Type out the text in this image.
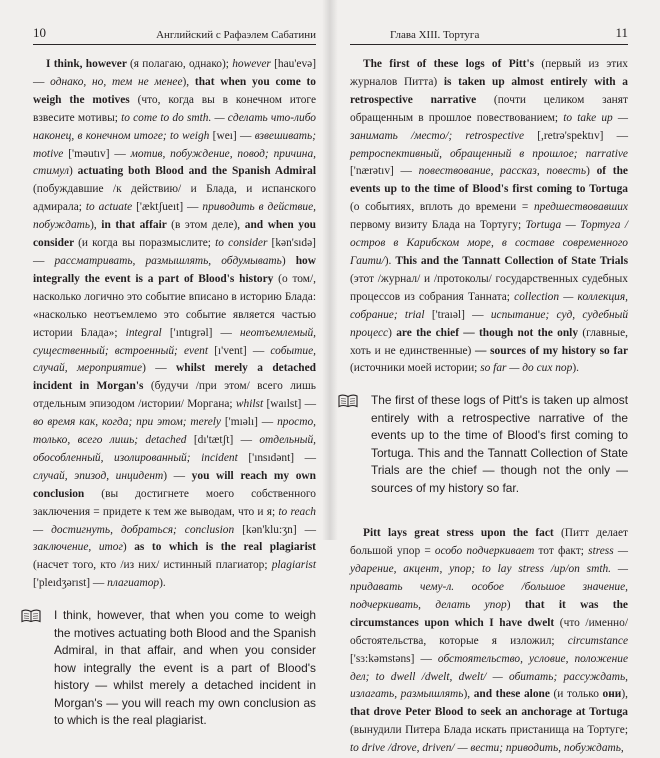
10	Английский с Рафаэлем Сабатини

I think, however (я полагаю, однако); however [hau'evə] — однако, но, тем не менее), that when you come to weigh the motives (что, когда вы в конечном итоге взвесите мотивы; to come to do smth. — сделать что-либо наконец, в конечном итоге; to weigh [weı] — взвешивать; motive ['məutıv] — мотив, побуждение, повод; причина, стимул) actuating both Blood and the Spanish Admiral (побуждавшие /к действию/ и Блада, и испанского адмирала; to actuate ['æktʃueıt] — приводить в действие, побуждать), in that affair (в этом деле), and when you consider (и когда вы поразмыслите; to consider [kən'sıdə] — рассматривать, размышлять, обдумывать) how integrally the event is a part of Blood's history (о том/, насколько логично это событие вписано в историю Блада: «насколько неотъемлемо это событие является частью истории Блада»; integral ['ıntıgrəl] — неотъемлемый, существенный; встроенный; event [ı'vent] — событие, случай, мероприятие) — whilst merely a detached incident in Morgan's (будучи /при этом/ всего лишь отдельным эпизодом /истории/ Моргана; whilst [waılst] — во время как, когда; при этом; merely ['mıəlı] — просто, только, всего лишь; detached [dı'tætʃt] — отдельный, обособленный, изолированный; incident ['ınsıdənt] — случай, эпизод, инцидент) — you will reach my own conclusion (вы достигнете моего собственного заключения = придете к тем же выводам, что и я; to reach — достигнуть, добраться; conclusion [kən'klu:ʒn] — заключение, итог) as to which is the real plagiarist (насчет того, кто /из них/ истинный плагиатор; plagiarist ['pleıdʒərıst] — плагиатор).

I think, however, that when you come to weigh the motives actuating both Blood and the Spanish Admiral, in that affair, and when you consider how integrally the event is a part of Blood's history — whilst merely a detached incident in Morgan's — you will reach my own conclusion as to which is the real plagiarist.
Глава XIII. Тортуга	11

The first of these logs of Pitt's (первый из этих журналов Питта) is taken up almost entirely with a retrospective narrative (почти целиком занят обращенным в прошлое повествованием; to take up — занимать /место/; retrospective [,retrə'spektıv] — ретроспективный, обращенный в прошлое; narrative ['nærətıv] — повествование, рассказ, повесть) of the events up to the time of Blood's first coming to Tortuga (о событиях, вплоть до времени = предшествовавших первому визиту Блада на Тортугу; Tortuga — Тортуга /остров в Карибском море, в составе современного Гаити/). This and the Tannatt Collection of State Trials (этот /журнал/ и /протоколы/ государственных судебных процессов из собрания Танната; collection — коллекция, собрание; trial ['traıəl] — испытание; суд, судебный процесс) are the chief — though not the only (главные, хоть и не единственные) — sources of my history so far (источники моей истории; so far — до сих пор).

The first of these logs of Pitt's is taken up almost entirely with a retrospective narrative of the events up to the time of Blood's first coming to Tortuga. This and the Tannatt Collection of State Trials are the chief — though not the only — sources of my history so far.

Pitt lays great stress upon the fact (Питт делает большой упор = особо подчеркивает тот факт; stress — ударение, акцент, упор; to lay stress /up/on smth. — придавать чему-л. особое /большое значение, подчеркивать, делать упор) that it was the circumstances upon which I have dwelt (что /именно/ обстоятельства, которые я изложил; circumstance ['sɜ:kəmstəns] — обстоятельство, условие, положение дел; to dwell /dwelt, dwelt/ — обитать; рассуждать, излагать, размышлять), and these alone (и только они), that drove Peter Blood to seek an anchorage at Tortuga (вынудили Питера Блада искать пристанища на Тортуге; to drive /drove, driven/ — вести; приводить, побуждать,
